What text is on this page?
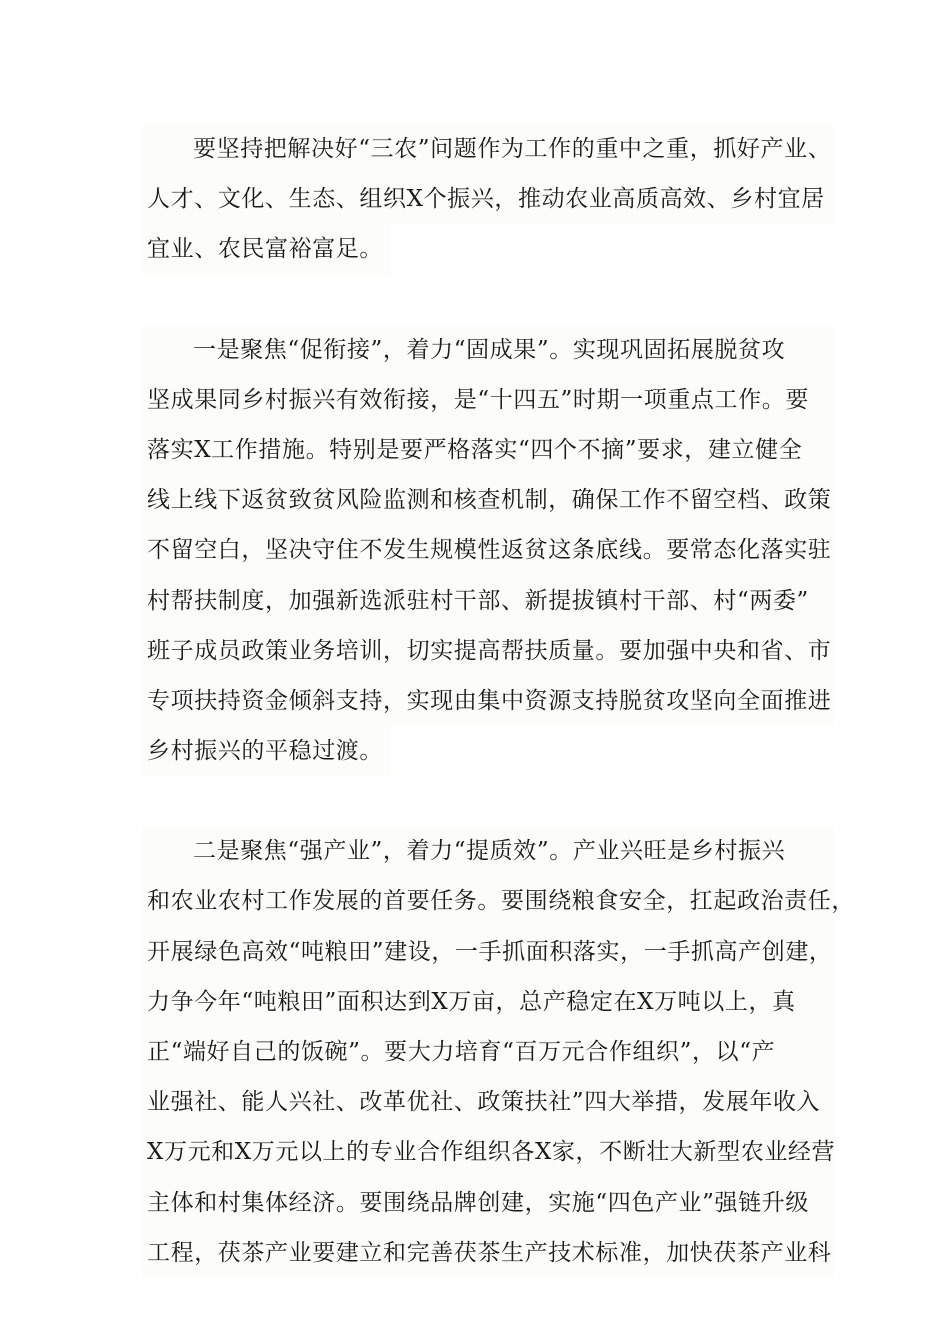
要坚持把解决好“三农”问题作为工作的重中之重，抓好产业、
人才、文化、生态、组织X个振兴，推动农业高质高效、乡村宜居
宜业、农民富裕富足。
一是聚焦“促衔接”，着力“固成果”。实现巩固拓展脱贫攻
坚成果同乡村振兴有效衔接，是“十四五”时期一项重点工作。要
落实X工作措施。特别是要严格落实“四个不摘”要求，建立健全
线上线下返贫致贫风险监测和核查机制，确保工作不留空档、政策
不留空白，坚决守住不发生规模性返贫这条底线。要常态化落实驻
村帮扶制度，加强新选派驻村干部、新提拔镇村干部、村“两委”
班子成员政策业务培训，切实提高帮扶质量。要加强中央和省、市
专项扶持资金倾斜支持，实现由集中资源支持脱贫攻坚向全面推进
乡村振兴的平稳过渡。
二是聚焦“强产业”，着力“提质效”。产业兴旺是乡村振兴
和农业农村工作发展的首要任务。要围绕粮食安全，扛起政治责任，
开展绿色高效“吨粮田”建设，一手抓面积落实，一手抓高产创建，
力争今年“吨粮田”面积达到X万亩，总产稳定在X万吨以上，真
正“端好自己的饭碗”。要大力培育“百万元合作组织”，以“产
业强社、能人兴社、改革优社、政策扶社”四大举措，发展年收入
X万元和X万元以上的专业合作组织各X家，不断壮大新型农业经营
主体和村集体经济。要围绕品牌创建，实施“四色产业”强链升级
工程，茯茶产业要建立和完善茯茶生产技术标准，加快茯茶产业科
